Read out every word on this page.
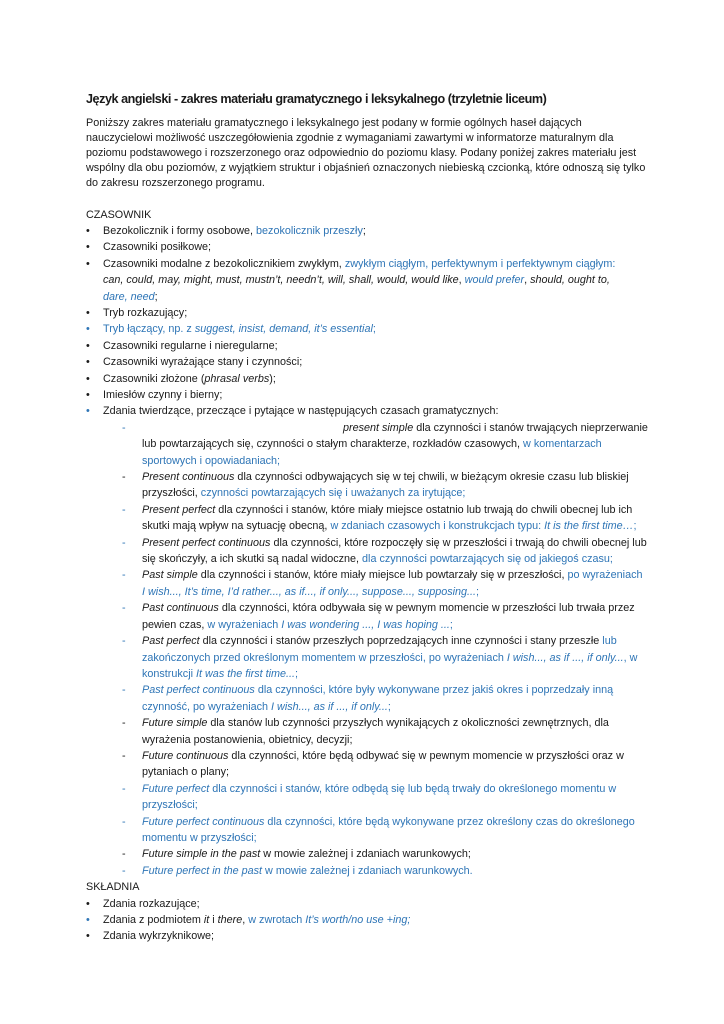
Język angielski - zakres materiału gramatycznego i leksykalnego (trzyletnie liceum)

Poniższy zakres materiału gramatycznego i leksykalnego jest podany w formie ogólnych haseł dających nauczycielowi możliwość uszczegółowienia zgodnie z wymaganiami zawartymi w informatorze maturalnym dla poziomu podstawowego i rozszerzonego oraz odpowiednio do poziomu klasy. Podany poniżej zakres materiału jest wspólny dla obu poziomów, z wyjątkiem struktur i objaśnień oznaczonych niebieską czcionką, które odnoszą się tylko do zakresu rozszerzonego programu.

CZASOWNIK
• Bezokolicznik i formy osobowe, bezokolicznik przeszły;
• Czasowniki posiłkowe;
• Czasowniki modalne z bezokolicznikiem zwykłym, zwykłym ciągłym, perfektywnym i perfektywnym ciągłym:
can, could, may, might, must, mustn’t, needn’t, will, shall, would, would like, would prefer, should, ought to,
dare, need;
• Tryb rozkazujący;
• Tryb łączący, np. z suggest, insist, demand, it’s essential;
• Czasowniki regularne i nieregularne;
• Czasowniki wyrażające stany i czynności;
• Czasowniki złożone (phrasal verbs);
• Imiesłów czynny i bierny;
• Zdania twierdzące, przeczące i pytające w następujących czasach gramatycznych:
- present simple dla czynności i stanów trwających nieprzerwanie lub powtarzających się, czynności o stałym charakterze, rozkładów czasowych, w komentarzach sportowych i opowiadaniach;
- Present continuous dla czynności odbywających się w tej chwili, w bieżącym okresie czasu lub bliskiej przyszłości, czynności powtarzających się i uważanych za irytujące;
- Present perfect dla czynności i stanów, które miały miejsce ostatnio lub trwają do chwili obecnej lub ich skutki mają wpływ na sytuację obecną, w zdaniach czasowych i konstrukcjach typu: It is the first time…;
- Present perfect continuous dla czynności, które rozpoczęły się w przeszłości i trwają do chwili obecnej lub się skończyły, a ich skutki są nadal widoczne, dla czynności powtarzających się od jakiegoś czasu;
- Past simple dla czynności i stanów, które miały miejsce lub powtarzały się w przeszłości, po wyrażeniach I wish..., It’s time, I’d rather..., as if..., if only..., suppose..., supposing...;
- Past continuous dla czynności, która odbywała się w pewnym momencie w przeszłości lub trwała przez pewien czas, w wyrażeniach I was wondering ..., I was hoping ...;
- Past perfect dla czynności i stanów przeszłych poprzedzających inne czynności i stany przeszłe lub zakończonych przed określonym momentem w przeszłości, po wyrażeniach I wish..., as if ..., if only..., w konstrukcji It was the first time...;
- Past perfect continuous dla czynności, które były wykonywane przez jakiś okres i poprzedzały inną czynność, po wyrażeniach I wish..., as if ..., if only...;
- Future simple dla stanów lub czynności przyszłych wynikających z okoliczności zewnętrznych, dla wyrażenia postanowienia, obietnicy, decyzji;
- Future continuous dla czynności, które będą odbywać się w pewnym momencie w przyszłości oraz w pytaniach o plany;
- Future perfect dla czynności i stanów, które odbędą się lub będą trwały do określonego momentu w przyszłości;
- Future perfect continuous dla czynności, które będą wykonywane przez określony czas do określonego momentu w przyszłości;
- Future simple in the past w mowie zależnej i zdaniach warunkowych;
- Future perfect in the past w mowie zależnej i zdaniach warunkowych.
SKŁADNIA
• Zdania rozkazujące;
• Zdania z podmiotem it i there, w zwrotach It’s worth/no use +ing;
• Zdania wykrzyknikowe;
